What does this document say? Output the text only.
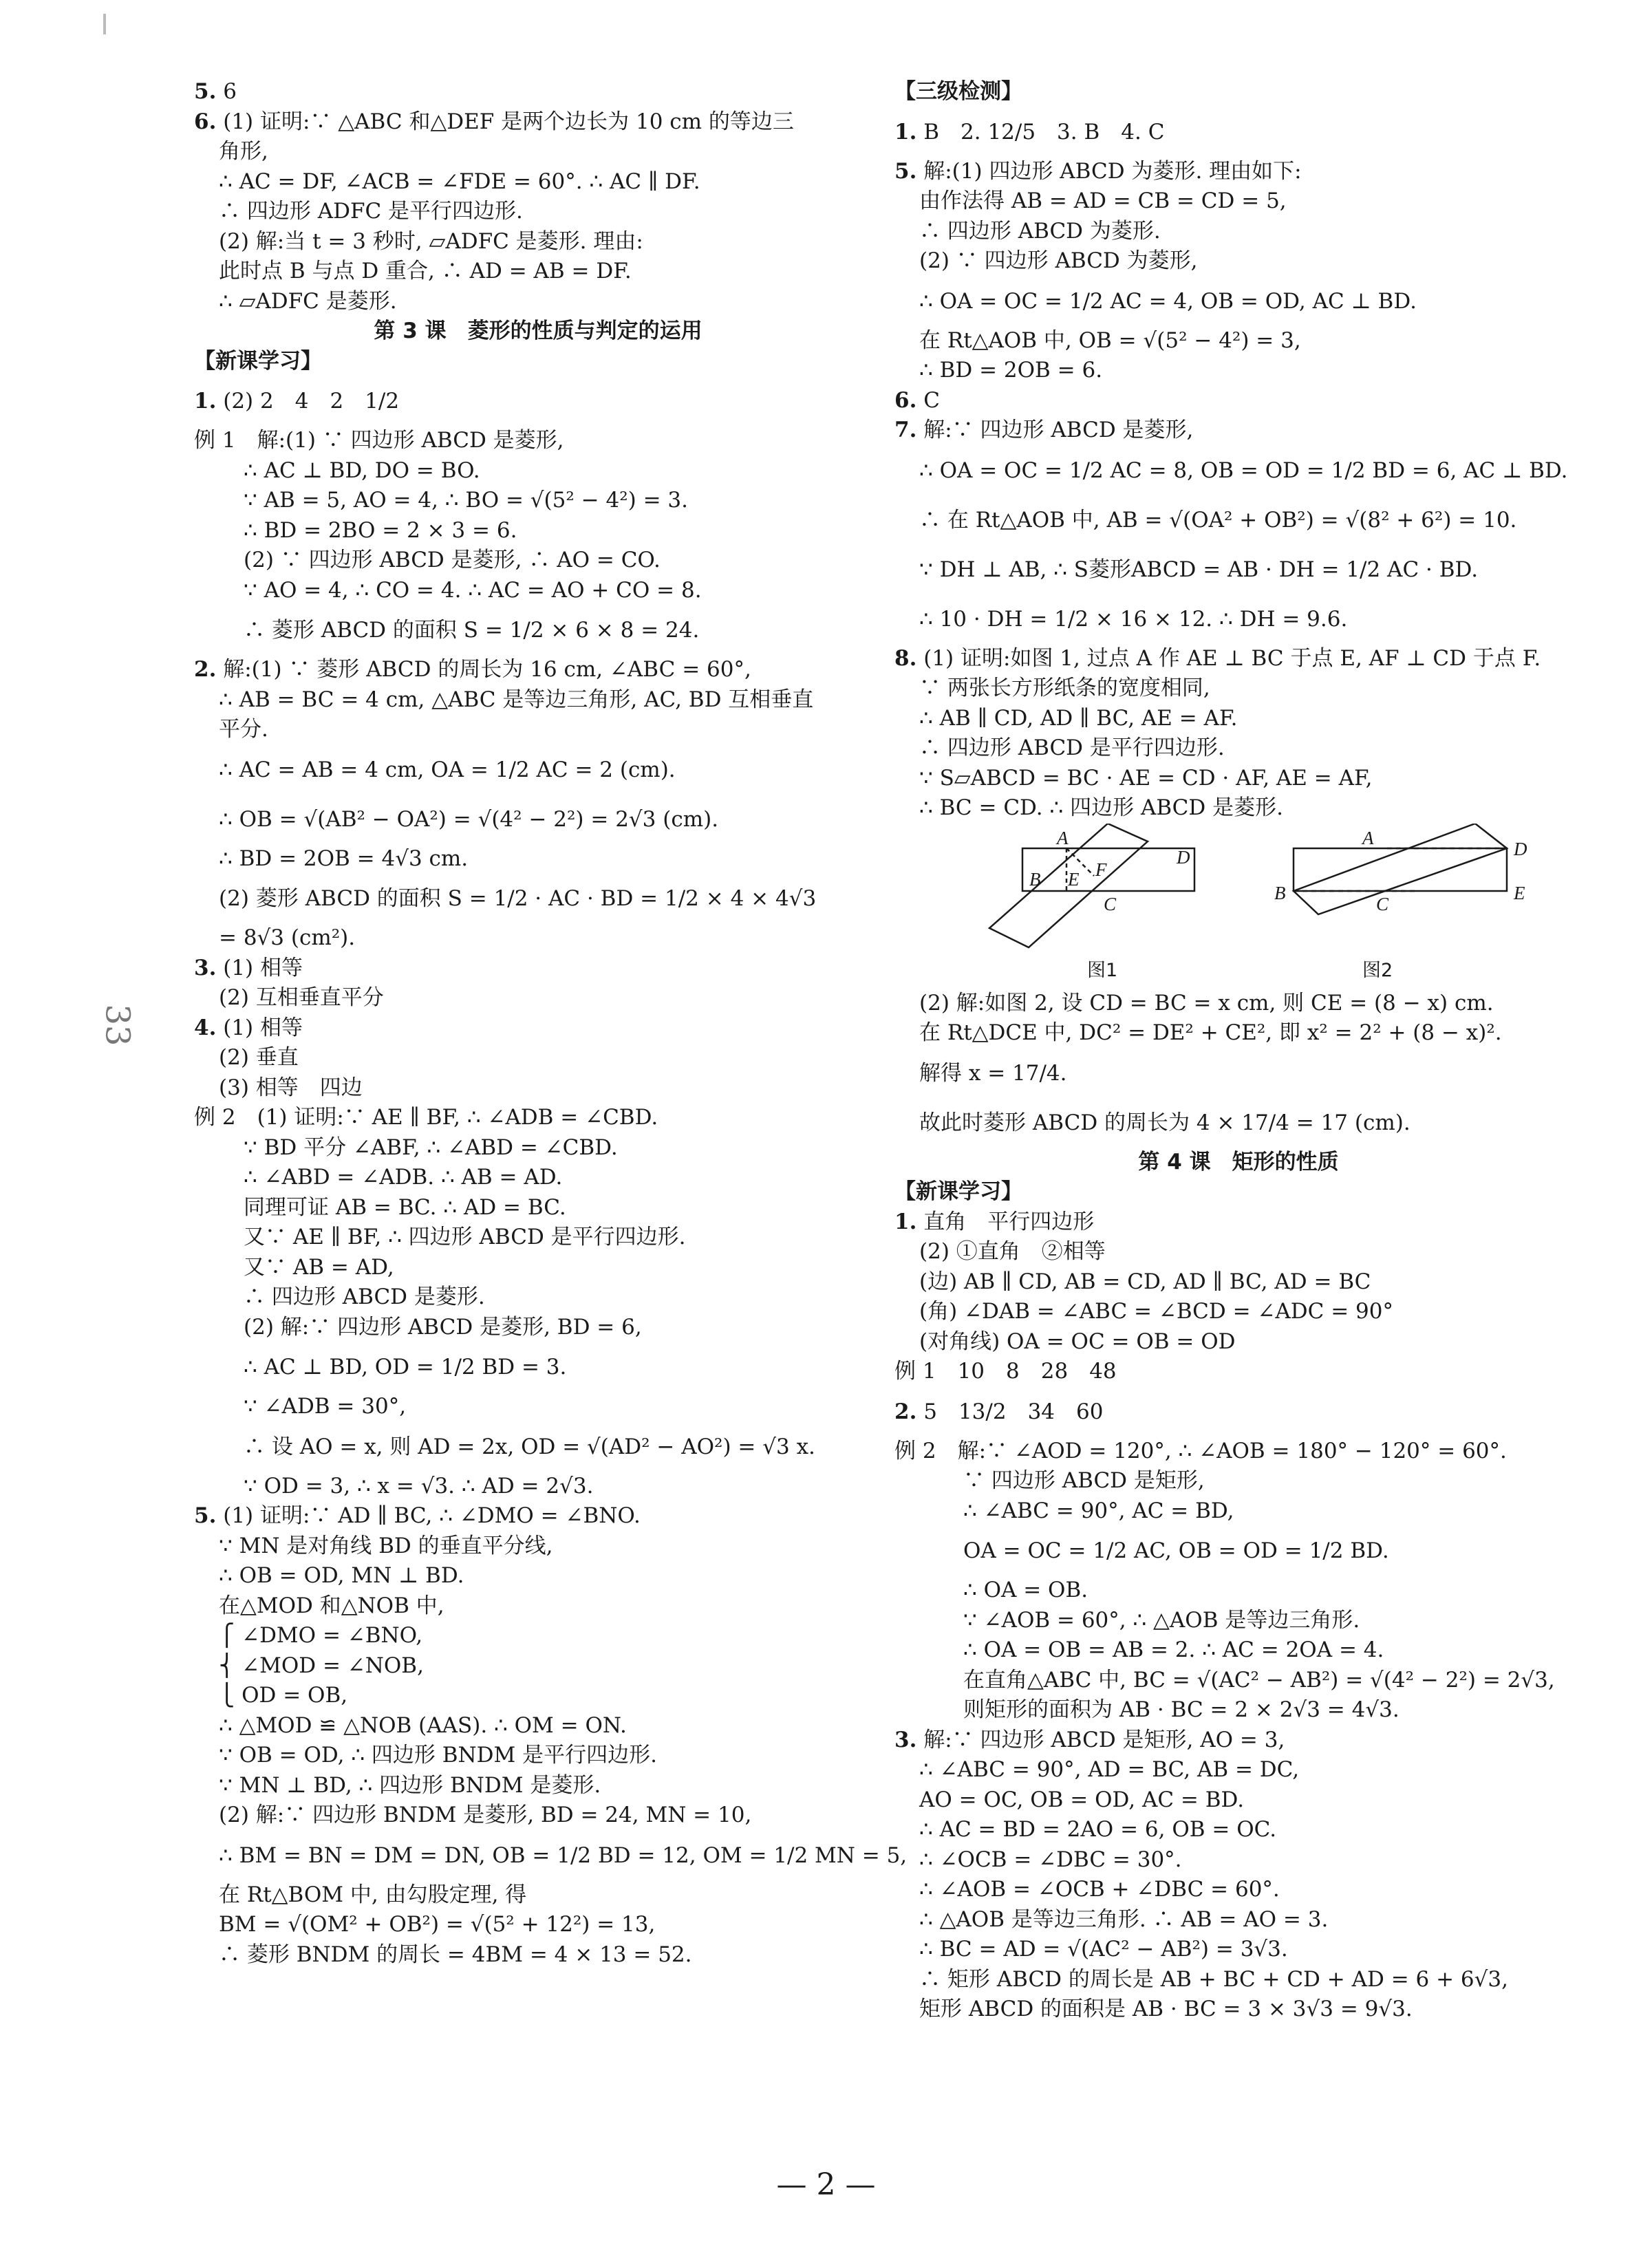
33
5. 6
6. (1) 证明:∵ △ABC 和△DEF 是两个边长为 10 cm 的等边三
角形,
∴ AC = DF, ∠ACB = ∠FDE = 60°. ∴ AC ∥ DF.
∴ 四边形 ADFC 是平行四边形.
(2) 解:当 t = 3 秒时, ▱ADFC 是菱形. 理由:
此时点 B 与点 D 重合, ∴ AD = AB = DF.
∴ ▱ADFC 是菱形.
第 3 课　菱形的性质与判定的运用
【新课学习】
1. (2) 2　4　2　1/2
例 1　解:(1) ∵ 四边形 ABCD 是菱形,
∴ AC ⊥ BD, DO = BO.
∵ AB = 5, AO = 4, ∴ BO = √(5² − 4²) = 3.
∴ BD = 2BO = 2 × 3 = 6.
(2) ∵ 四边形 ABCD 是菱形, ∴ AO = CO.
∵ AO = 4, ∴ CO = 4. ∴ AC = AO + CO = 8.
∴ 菱形 ABCD 的面积 S = 1/2 × 6 × 8 = 24.
2. 解:(1) ∵ 菱形 ABCD 的周长为 16 cm, ∠ABC = 60°,
∴ AB = BC = 4 cm, △ABC 是等边三角形, AC, BD 互相垂直
平分.
∴ AC = AB = 4 cm, OA = 1/2 AC = 2 (cm).
∴ OB = √(AB² − OA²) = √(4² − 2²) = 2√3 (cm).
∴ BD = 2OB = 4√3 cm.
(2) 菱形 ABCD 的面积 S = 1/2 · AC · BD = 1/2 × 4 × 4√3
= 8√3 (cm²).
3. (1) 相等
(2) 互相垂直平分
4. (1) 相等
(2) 垂直
(3) 相等　四边
例 2　(1) 证明:∵ AE ∥ BF, ∴ ∠ADB = ∠CBD.
∵ BD 平分 ∠ABF, ∴ ∠ABD = ∠CBD.
∴ ∠ABD = ∠ADB. ∴ AB = AD.
同理可证 AB = BC. ∴ AD = BC.
又∵ AE ∥ BF, ∴ 四边形 ABCD 是平行四边形.
又∵ AB = AD,
∴ 四边形 ABCD 是菱形.
(2) 解:∵ 四边形 ABCD 是菱形, BD = 6,
∴ AC ⊥ BD, OD = 1/2 BD = 3.
∵ ∠ADB = 30°,
∴ 设 AO = x, 则 AD = 2x, OD = √(AD² − AO²) = √3 x.
∵ OD = 3, ∴ x = √3. ∴ AD = 2√3.
5. (1) 证明:∵ AD ∥ BC, ∴ ∠DMO = ∠BNO.
∵ MN 是对角线 BD 的垂直平分线,
∴ OB = OD, MN ⊥ BD.
在△MOD 和△NOB 中,
⎧ ∠DMO = ∠BNO,
⎨ ∠MOD = ∠NOB,
⎩ OD = OB,
∴ △MOD ≌ △NOB (AAS). ∴ OM = ON.
∵ OB = OD, ∴ 四边形 BNDM 是平行四边形.
∵ MN ⊥ BD, ∴ 四边形 BNDM 是菱形.
(2) 解:∵ 四边形 BNDM 是菱形, BD = 24, MN = 10,
∴ BM = BN = DM = DN, OB = 1/2 BD = 12, OM = 1/2 MN = 5,
在 Rt△BOM 中, 由勾股定理, 得
BM = √(OM² + OB²) = √(5² + 12²) = 13,
∴ 菱形 BNDM 的周长 = 4BM = 4 × 13 = 52.
【三级检测】
1. B　2. 12/5　3. B　4. C
5. 解:(1) 四边形 ABCD 为菱形. 理由如下:
由作法得 AB = AD = CB = CD = 5,
∴ 四边形 ABCD 为菱形.
(2) ∵ 四边形 ABCD 为菱形,
∴ OA = OC = 1/2 AC = 4, OB = OD, AC ⊥ BD.
在 Rt△AOB 中, OB = √(5² − 4²) = 3,
∴ BD = 2OB = 6.
6. C
7. 解:∵ 四边形 ABCD 是菱形,
∴ OA = OC = 1/2 AC = 8, OB = OD = 1/2 BD = 6, AC ⊥ BD.
∴ 在 Rt△AOB 中, AB = √(OA² + OB²) = √(8² + 6²) = 10.
∵ DH ⊥ AB, ∴ S菱形ABCD = AB · DH = 1/2 AC · BD.
∴ 10 · DH = 1/2 × 16 × 12. ∴ DH = 9.6.
8. (1) 证明:如图 1, 过点 A 作 AE ⊥ BC 于点 E, AF ⊥ CD 于点 F.
∵ 两张长方形纸条的宽度相同,
∴ AB ∥ CD, AD ∥ BC, AE = AF.
∴ 四边形 ABCD 是平行四边形.
∵ S▱ABCD = BC · AE = CD · AF, AE = AF,
∴ BC = CD. ∴ 四边形 ABCD 是菱形.
A
D
B E F
C
图1
A
D
B
C
E
图2
(2) 解:如图 2, 设 CD = BC = x cm, 则 CE = (8 − x) cm.
在 Rt△DCE 中, DC² = DE² + CE², 即 x² = 2² + (8 − x)².
解得 x = 17/4.
故此时菱形 ABCD 的周长为 4 × 17/4 = 17 (cm).
第 4 课　矩形的性质
【新课学习】
1. 直角　平行四边形
(2) ①直角　②相等
(边) AB ∥ CD, AB = CD, AD ∥ BC, AD = BC
(角) ∠DAB = ∠ABC = ∠BCD = ∠ADC = 90°
(对角线) OA = OC = OB = OD
例 1　10　8　28　48
2. 5　13/2　34　60
例 2　解:∵ ∠AOD = 120°, ∴ ∠AOB = 180° − 120° = 60°.
∵ 四边形 ABCD 是矩形,
∴ ∠ABC = 90°, AC = BD,
OA = OC = 1/2 AC, OB = OD = 1/2 BD.
∴ OA = OB.
∵ ∠AOB = 60°, ∴ △AOB 是等边三角形.
∴ OA = OB = AB = 2. ∴ AC = 2OA = 4.
在直角△ABC 中, BC = √(AC² − AB²) = √(4² − 2²) = 2√3,
则矩形的面积为 AB · BC = 2 × 2√3 = 4√3.
3. 解:∵ 四边形 ABCD 是矩形, AO = 3,
∴ ∠ABC = 90°, AD = BC, AB = DC,
AO = OC, OB = OD, AC = BD.
∴ AC = BD = 2AO = 6, OB = OC.
∴ ∠OCB = ∠DBC = 30°.
∴ ∠AOB = ∠OCB + ∠DBC = 60°.
∴ △AOB 是等边三角形. ∴ AB = AO = 3.
∴ BC = AD = √(AC² − AB²) = 3√3.
∴ 矩形 ABCD 的周长是 AB + BC + CD + AD = 6 + 6√3,
矩形 ABCD 的面积是 AB · BC = 3 × 3√3 = 9√3.
— 2 —
